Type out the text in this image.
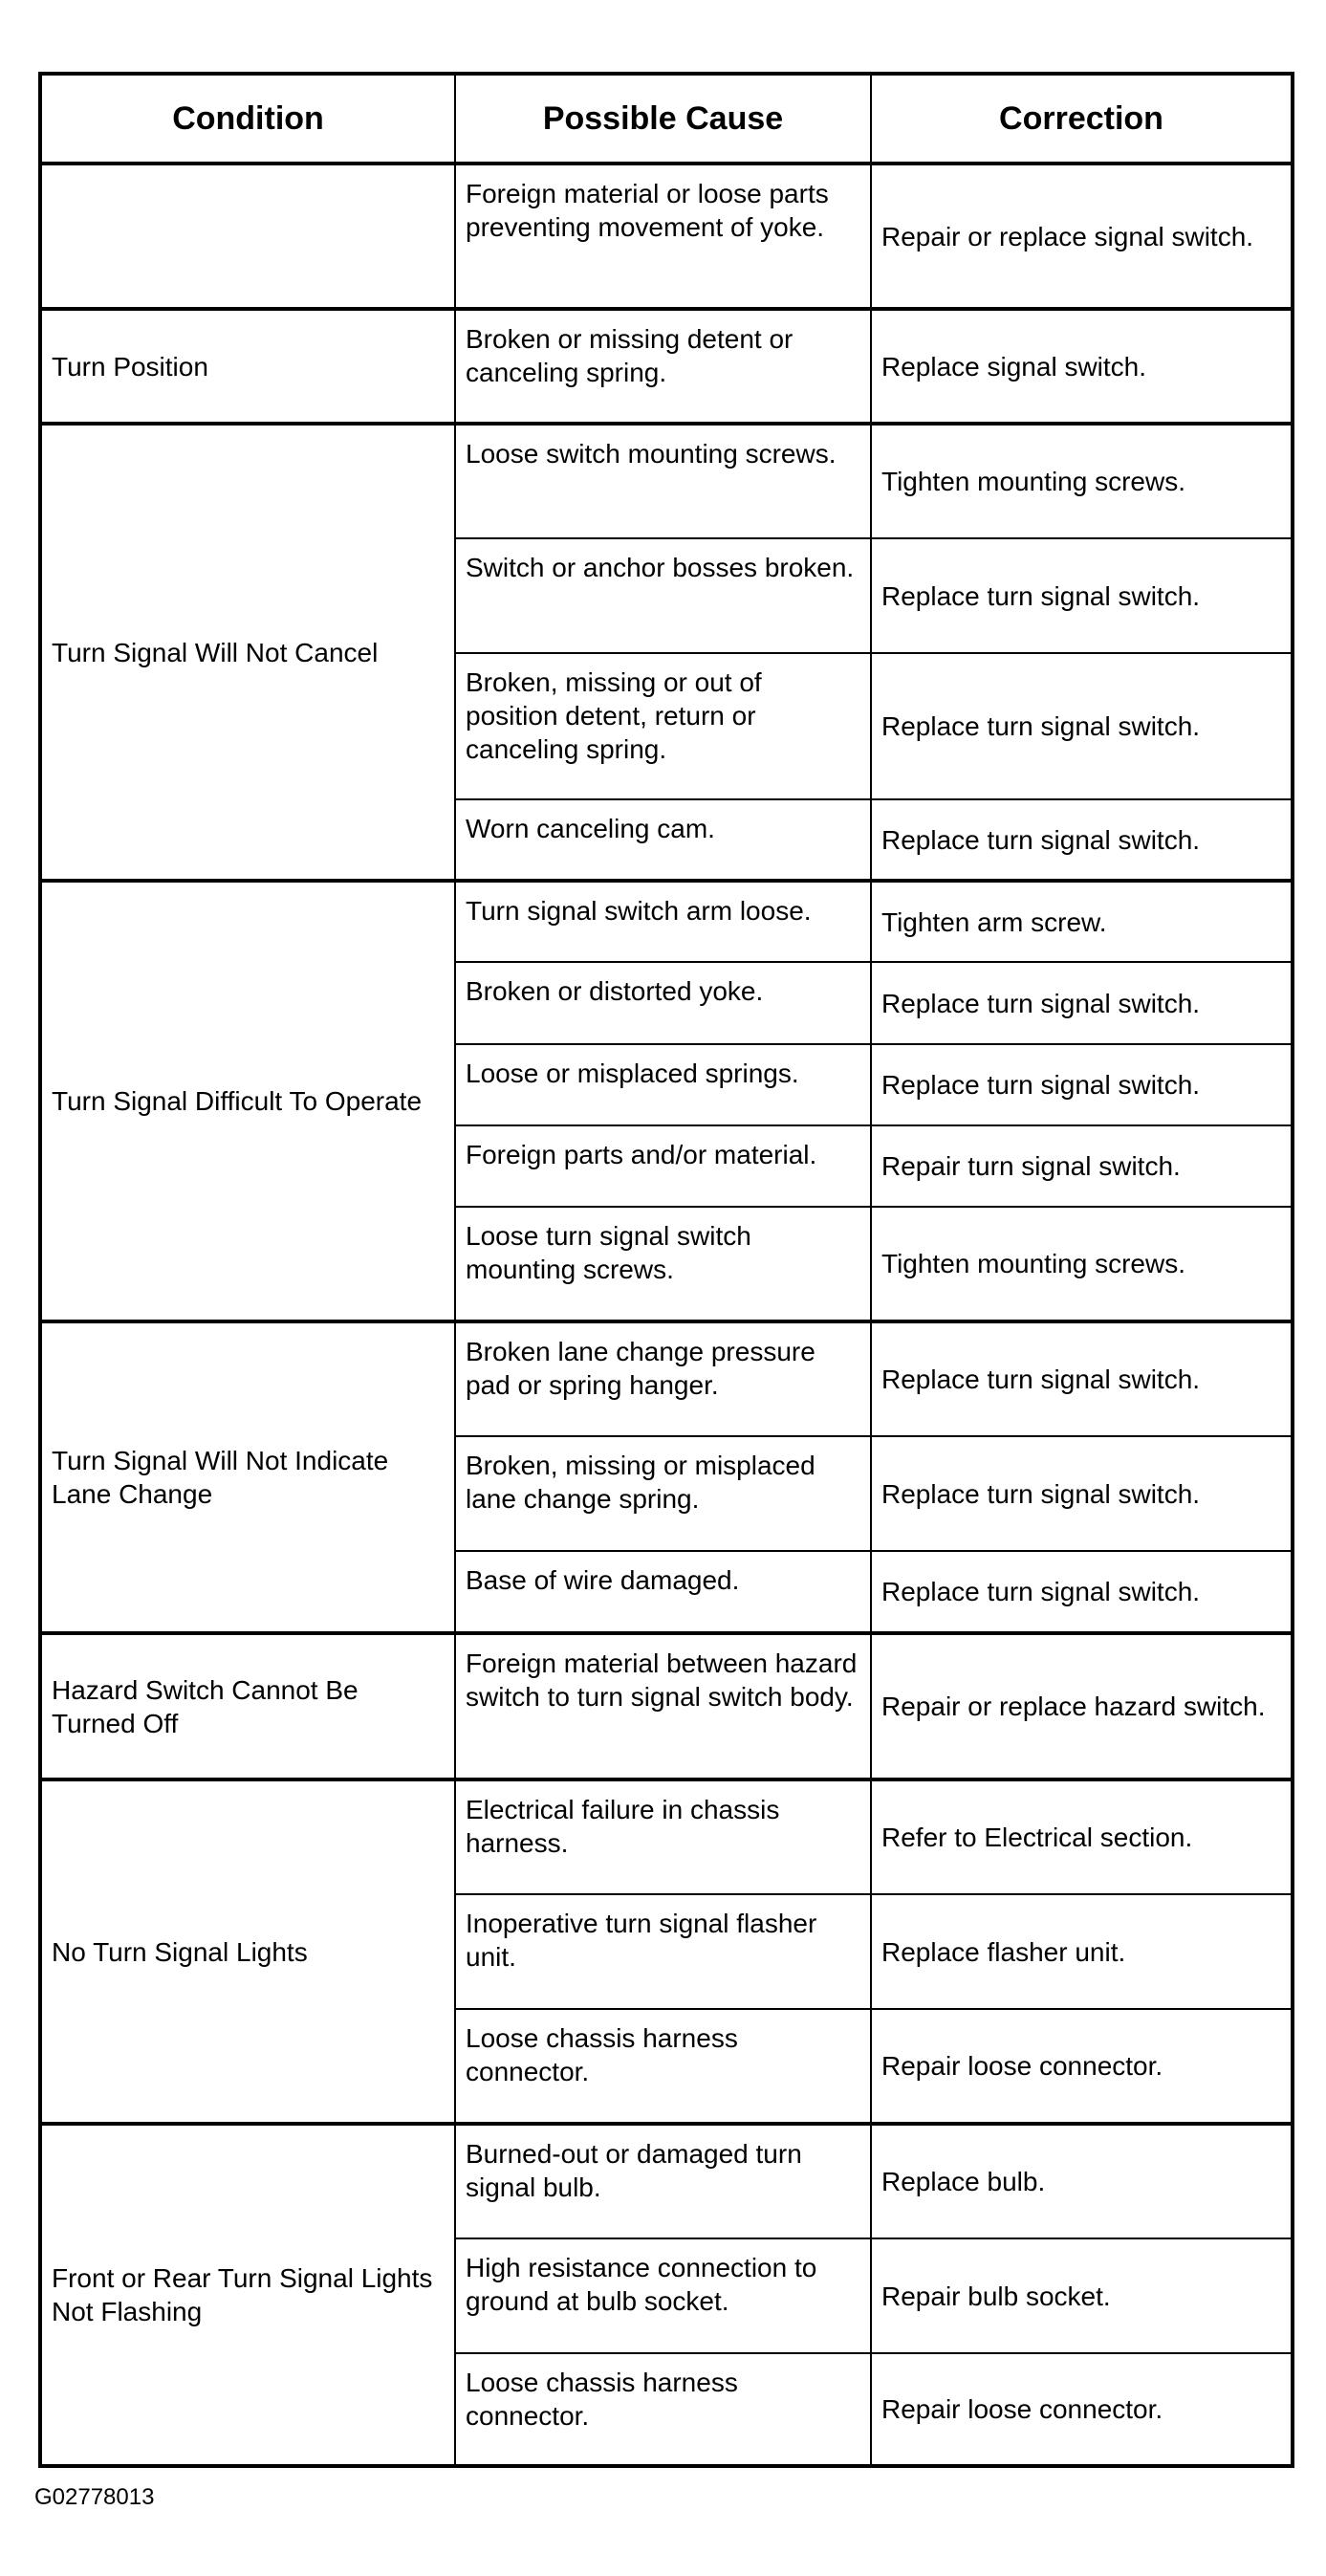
Condition	Possible Cause	Correction
	Foreign material or loose parts preventing movement of yoke.	Repair or replace signal switch.
Turn Position	Broken or missing detent or canceling spring.	Replace signal switch.
Turn Signal Will Not Cancel	Loose switch mounting screws.	Tighten mounting screws.
	Switch or anchor bosses broken.	Replace turn signal switch.
	Broken, missing or out of position detent, return or canceling spring.	Replace turn signal switch.
	Worn canceling cam.	Replace turn signal switch.
Turn Signal Difficult To Operate	Turn signal switch arm loose.	Tighten arm screw.
	Broken or distorted yoke.	Replace turn signal switch.
	Loose or misplaced springs.	Replace turn signal switch.
	Foreign parts and/or material.	Repair turn signal switch.
	Loose turn signal switch mounting screws.	Tighten mounting screws.
Turn Signal Will Not Indicate Lane Change	Broken lane change pressure pad or spring hanger.	Replace turn signal switch.
	Broken, missing or misplaced lane change spring.	Replace turn signal switch.
	Base of wire damaged.	Replace turn signal switch.
Hazard Switch Cannot Be Turned Off	Foreign material between hazard switch to turn signal switch body.	Repair or replace hazard switch.
No Turn Signal Lights	Electrical failure in chassis harness.	Refer to Electrical section.
	Inoperative turn signal flasher unit.	Replace flasher unit.
	Loose chassis harness connector.	Repair loose connector.
Front or Rear Turn Signal Lights Not Flashing	Burned-out or damaged turn signal bulb.	Replace bulb.
	High resistance connection to ground at bulb socket.	Repair bulb socket.
	Loose chassis harness connector.	Repair loose connector.
G02778013
